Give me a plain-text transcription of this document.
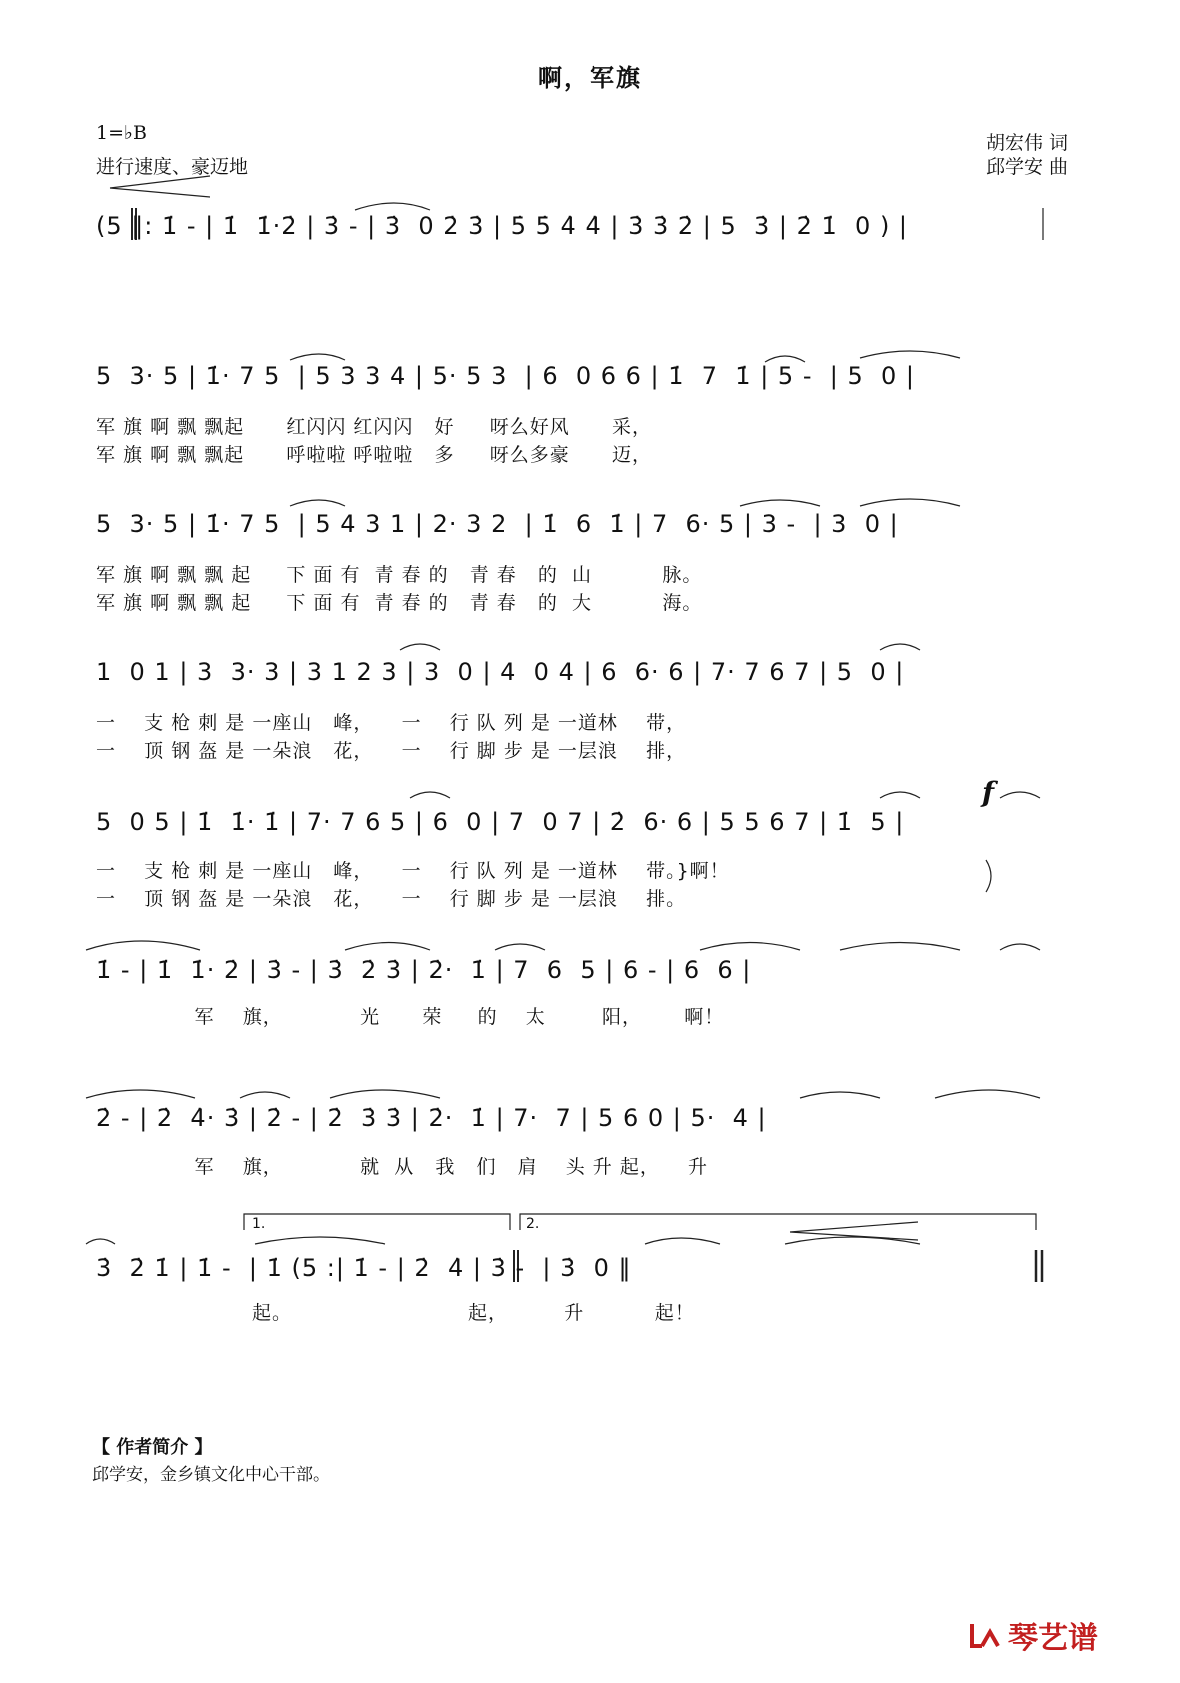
啊，军旗
1=♭B
进行速度、豪迈地
胡宏伟 词
邱学安 曲
(5 ‖: 1̇ - | 1̇  1̇·2̇ | 3̇ - | 3̇  0 2̇ 3̇ | 5̇ 5̇ 4̇ 4̇ | 3̇ 3̇ 2̇ | 5  3̇ | 2̇ 1̇  0 ) |
5  3· 5 | 1̇· 7 5  | 5 3 3 4 | 5· 5 3  | 6  0 6 6 | 1̇  7  1̇ | 5 -  | 5  0 |
军 旗 啊 飘 飘起      红闪闪 红闪闪   好     呀么好风      采，
军 旗 啊 飘 飘起      呼啦啦 呼啦啦   多     呀么多豪      迈，
5  3· 5 | 1̇· 7 5  | 5 4 3 1 | 2· 3 2  | 1̇  6  1̇ | 7  6· 5 | 3 -  | 3  0 |
军 旗 啊 飘 飘 起     下 面 有  青 春 的   青 春   的  山          脉。
军 旗 啊 飘 飘 起     下 面 有  青 春 的   青 春   的  大          海。
1  0 1 | 3  3· 3 | 3 1 2 3 | 3  0 | 4  0 4 | 6  6· 6 | 7· 7 6 7 | 5  0 |
一    支 枪 刺 是 一座山   峰，    一    行 队 列 是 一道林    带，
一    顶 钢 盔 是 一朵浪   花，    一    行 脚 步 是 一层浪    排，
f
5  0 5 | 1̇  1̇· 1̇ | 7· 7 6 5 | 6  0 | 7  0 7 | 2̇  6· 6 | 5 5 6 7 | 1̇  5 |
一    支 枪 刺 是 一座山   峰，    一    行 队 列 是 一道林    带。}啊！
一    顶 钢 盔 是 一朵浪   花，    一    行 脚 步 是 一层浪    排。
1̇ - | 1̇  1̇· 2̇ | 3̇ - | 3̇  2̇ 3̇ | 2̇·  1̇ | 7  6  5 | 6 - | 6  6 |
军    旗，           光      荣     的    太        阳，      啊！
2̇ - | 2̇  4̇· 3̇ | 2̇ - | 2̇  3̇ 3̇ | 2̇·  1̇ | 7·  7 | 5 6 0 | 5·  4 |
军    旗，           就  从   我   们   肩    头 升 起，    升
1.	2.
3̇  2̇ 1̇ | 1̇ -  | 1̇ (5 :| 1̇ - | 2̇  4̇ | 3̇ -  | 3̇  0 ‖
起。                         起，        升          起！
【 作者简介 】
邱学安，金乡镇文化中心干部。
琴艺谱
